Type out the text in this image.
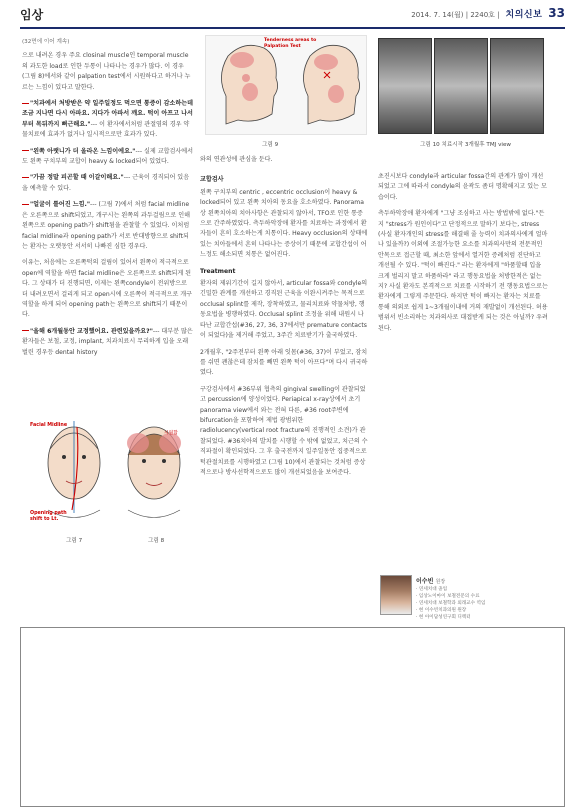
임상	2014. 7. 14(월) | 2240호 | 치의신보 33

(32면에 이어 계속)

으로 내려온 경우 주요 closinal muscle인 temporal muscle의 과도한 load로 인한 두통이 나타나는 경우가 많다. 이 경우 (그림 8)에서와 같이 palpation test에서 시원하다고 하거나 누르는 느낌이 있다고 말한다.

"치과에서 처방받은 약 일주일정도 먹으면 통증이 감소하는데 조금 지나면 다시 아파요. 지다가 아파서 깨요. 턱이 아프고 나서부터 목뒤까지 뻐근해요."--- 이 환자에서처럼 관절염의 경우 약물치료에 효과가 없거나 일시적으로만 효과가 있다.

"왼쪽 아랫니가 더 올라온 느낌이에요."--- 실제 교합검사에서도 왼쪽 구치부의 교합이 heavy & locked되어 있었다.

"가끔 정말 피곤할 때 이갈이해요."--- 근육이 경직되어 있음을 예측할 수 있다.

"얼굴이 틀어진 느낌."--- (그림 7)에서 처럼 facial midline은 오른쪽으로 shift되었고, 개구시는 왼쪽의 과두걸림으로 인해 왼쪽으로 opening path가 shift됨을 관찰할 수 있었다. 이처럼 facial midline과 opening path가 서로 반대방향으로 shift되는 환자는 오랫동안 서서히 나빠진 심한 경우다.

이유는, 처음에는 오른쪽턱의 걸림이 있어서 왼쪽이 적극적으로 open에 역할을 하면 facial midline은 오른쪽으로 shift되게 된다. 그 상태가 더 진행되면, 이제는 왼쪽condyle이 전위방으로 더 내려오면서 걸리게 되고 open시에 오른쪽이 적극적으로 개구역할을 하게 되어 opening path는 왼쪽으로 shift되기 때문이다.

"올해 6개월동안 교정했어요. 관련있을까요?"--- 대부분 많은 환자들은 보철, 교정, implant, 치과치료시 무리하게 입을 오래벌린 경우등 dental history

Facial Midline
Opening path shift to Lt.
그림 7
시원함
그림 8
Tenderness areas to Palpation Test
그림 9	그림 10 치료시작 3개월후 TMJ view

와의 연관성에 관심을 둔다.

교합검사

왼쪽 구치부의 centric , eccentric occlusion이 heavy & locked되어 있고 왼쪽 치아의 동요을 호소하였다. Panorama상 왼쪽치아의 치아사항은 관찰되지 않아서, TFO로 인한 통증으로 간주하였었다. 측두하악장애 환자를 치료하는 과정에서 환자들이 흔히 호소하는게 치통이다. Heavy occlusion의 상태에 있는 치아들에서 흔히 나타나는 증상이기 때문에 교합간섭이 어느정도 해소되면 치통은 없어진다.

Treatment

환자의 제위기간이 길지 않아서, articular fossa와 condyle의 긴밀한 관계를 개선하고 경직된 근육을 이완시켜주는 목적으로 occlusal splint를 제작, 장착하였고, 물리치료와 약물처방, 행동요법을 병행하였다. Occlusal splint 조정을 위해 내원시 나타난 교합간섭(#36, 27, 36, 37에서만 premature contacts이 되었다)을 제거해 주었고, 3주간 치료받기가 출국하였다.

2개월후, "2주전부터 왼쪽 아래 잇몸(#36, 37)이 부었고, 잠치를 쉬면 괜찮은데 잠치를 빼면 왼쪽 턱이 아프다"며 다시 귀국하였다.

구강검사에서 #36부위 협측의 gingival swelling이 관찰되었고 percussion에 양성이었다. Periapical x-ray상에서 초기 panorama view에서 와는 전혀 다른, #36 root주변에 bifurcation을 포함하여 제법 광범위한 radiolucency(vertical root fracture의 진행적인 소견)가 관찰되었다. #36치아의 발치를 시행할 수 밖에 없었고, 치근의 수직파절이 확인되었다. 그 후 출국전까지 일주일동안 집중적으로 턱관절치료를 시행하였고 (그림 10)에서 관찰되는 것처럼 증상적으로나 방사선학적으로도 많이 개선되었음을 보여준다.

초진시보다 condyle과 articular fossa간의 관계가 많이 개선되었고 그에 따라서 condyle의 윤곽도 좀더 명확해지고 있는 모습이다.

측두하악장애 환자에게 "그냥 조심하고 사는 방법밖에 없다."든지 "stress가 원인이다"고 단정적으로 말하기 보다는, stress (사실 환자개인의 stress를 해결해 줄 능력이 치과의사에게 얼마나 있을까?) 이외에 조절가능한 요소를 치과의사만의 전문적인 안목으로 접근할 때, 최소한 앞에서 열거한 증례처럼 진단하고 개선될 수 있다. "턱이 빠진다." 라는 환자에게 "하품할때 입을 크게 벌리지 말고 하품하라" 라고 행동요법을 처방한적은 없는지? 사실 환자도 본격적으로 치료를 시작하기 전 행동요법으로는 환자에게 그렇게 주문한다. 하지만 턱이 빠지는 환자는 치료를 통해 의외로 쉽게 1~3개월이내에 거의 재발없이 개선된다. 허용범위서 빈소리하는 치과의사로 대접받게 되는 것은 아닐까? 우려된다.

이수빈 원장
· 연세치대 졸업
· 임상노이마이 보철전문의 수료
· 연세치대 보철학과 외래교수 역임
· 현 이수빈치과의원 원장
· 현 아이답성연구회 디렉터
